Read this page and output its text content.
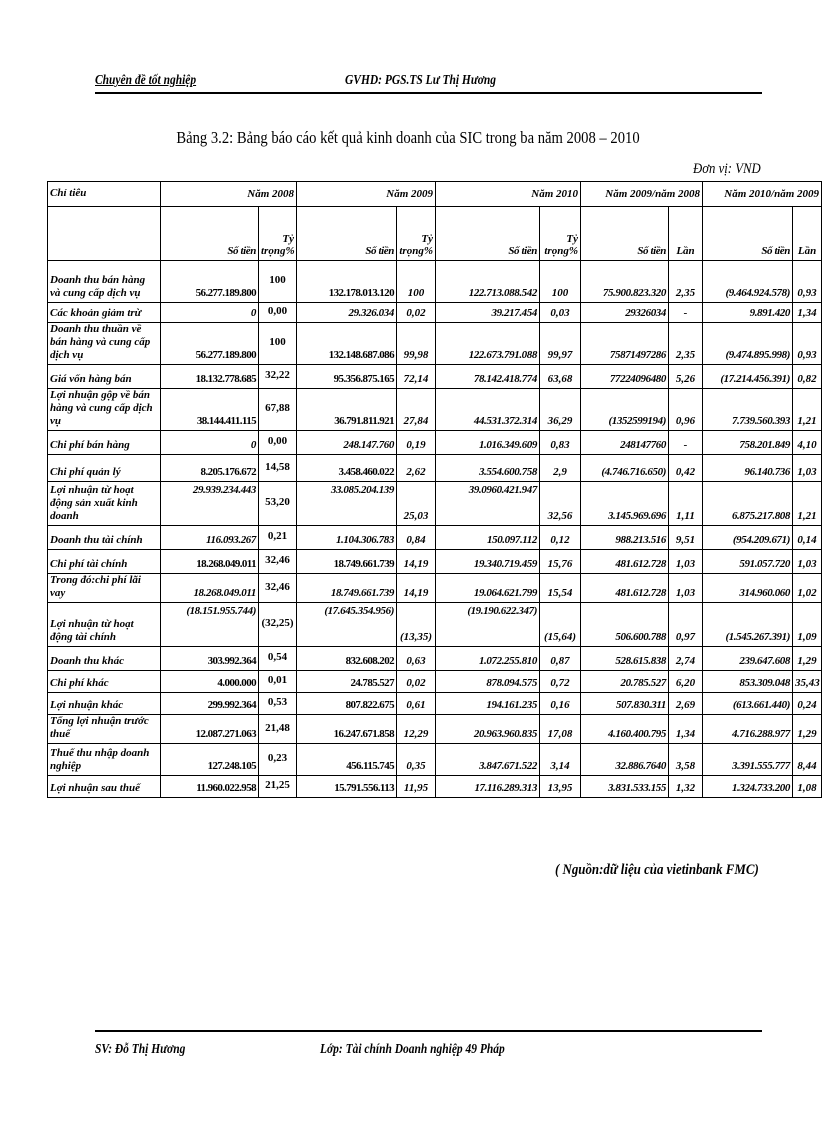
Chuyên đề tốt nghiệp	GVHD: PGS.TS Lư Thị Hương
Bảng 3.2: Bảng báo cáo kết quả kinh doanh của SIC trong ba năm 2008 – 2010
Đơn vị: VND
Chỉ tiêu	Năm 2008		Năm 2009		Năm 2010		Năm 2009/năm 2008		Năm 2010/năm 2009	
	Số tiền	Tỷ trọng%	Số tiền	Tỷ trọng%	Số tiền	Tỷ trọng%	Số tiền	Lần	Số tiền	Lần
Doanh thu bán hàng và cung cấp dịch vụ	56.277.189.800	100	132.178.013.120	100	122.713.088.542	100	75.900.823.320	2,35	(9.464.924.578)	0,93
Các khoản giảm trừ	0	0,00	29.326.034	0,02	39.217.454	0,03	29326034	-	9.891.420	1,34
Doanh thu thuần về bán hàng và cung cấp dịch vụ	56.277.189.800	100	132.148.687.086	99,98	122.673.791.088	99,97	75871497286	2,35	(9.474.895.998)	0,93
Giá vốn hàng bán	18.132.778.685	32,22	95.356.875.165	72,14	78.142.418.774	63,68	77224096480	5,26	(17.214.456.391)	0,82
Lợi nhuận gộp về bán hàng và cung cấp dịch vụ	38.144.411.115	67,88	36.791.811.921	27,84	44.531.372.314	36,29	(1352599194)	0,96	7.739.560.393	1,21
Chi phí bán hàng	0	0,00	248.147.760	0,19	1.016.349.609	0,83	248147760	-	758.201.849	4,10
Chi phí quản lý	8.205.176.672	14,58	3.458.460.022	2,62	3.554.600.758	2,9	(4.746.716.650)	0,42	96.140.736	1,03
Lợi nhuận từ hoạt động sản xuất kinh doanh	29.939.234.443	53,20	33.085.204.139	25,03	39.0960.421.947	32,56	3.145.969.696	1,11	6.875.217.808	1,21
Doanh thu tài chính	116.093.267	0,21	1.104.306.783	0,84	150.097.112	0,12	988.213.516	9,51	(954.209.671)	0,14
Chi phí tài chính	18.268.049.011	32,46	18.749.661.739	14,19	19.340.719.459	15,76	481.612.728	1,03	591.057.720	1,03
Trong đó:chi phí lãi vay	18.268.049.011	32,46	18.749.661.739	14,19	19.064.621.799	15,54	481.612.728	1,03	314.960.060	1,02
Lợi nhuận từ hoạt động tài chính	(18.151.955.744)	(32,25)	(17.645.354.956)	(13,35)	(19.190.622.347)	(15,64)	506.600.788	0,97	(1.545.267.391)	1,09
Doanh thu khác	303.992.364	0,54	832.608.202	0,63	1.072.255.810	0,87	528.615.838	2,74	239.647.608	1,29
Chi phí khác	4.000.000	0,01	24.785.527	0,02	878.094.575	0,72	20.785.527	6,20	853.309.048	35,43
Lợi nhuận khác	299.992.364	0,53	807.822.675	0,61	194.161.235	0,16	507.830.311	2,69	(613.661.440)	0,24
Tổng lợi nhuận trước thuế	12.087.271.063	21,48	16.247.671.858	12,29	20.963.960.835	17,08	4.160.400.795	1,34	4.716.288.977	1,29
Thuế thu nhập doanh nghiệp	127.248.105	0,23	456.115.745	0,35	3.847.671.522	3,14	32.886.7640	3,58	3.391.555.777	8,44
Lợi nhuận sau thuế	11.960.022.958	21,25	15.791.556.113	11,95	17.116.289.313	13,95	3.831.533.155	1,32	1.324.733.200	1,08
( Nguồn:dữ liệu của vietinbank FMC)
SV: Đỗ Thị Hương	Lớp: Tài chính Doanh nghiệp 49 Pháp
